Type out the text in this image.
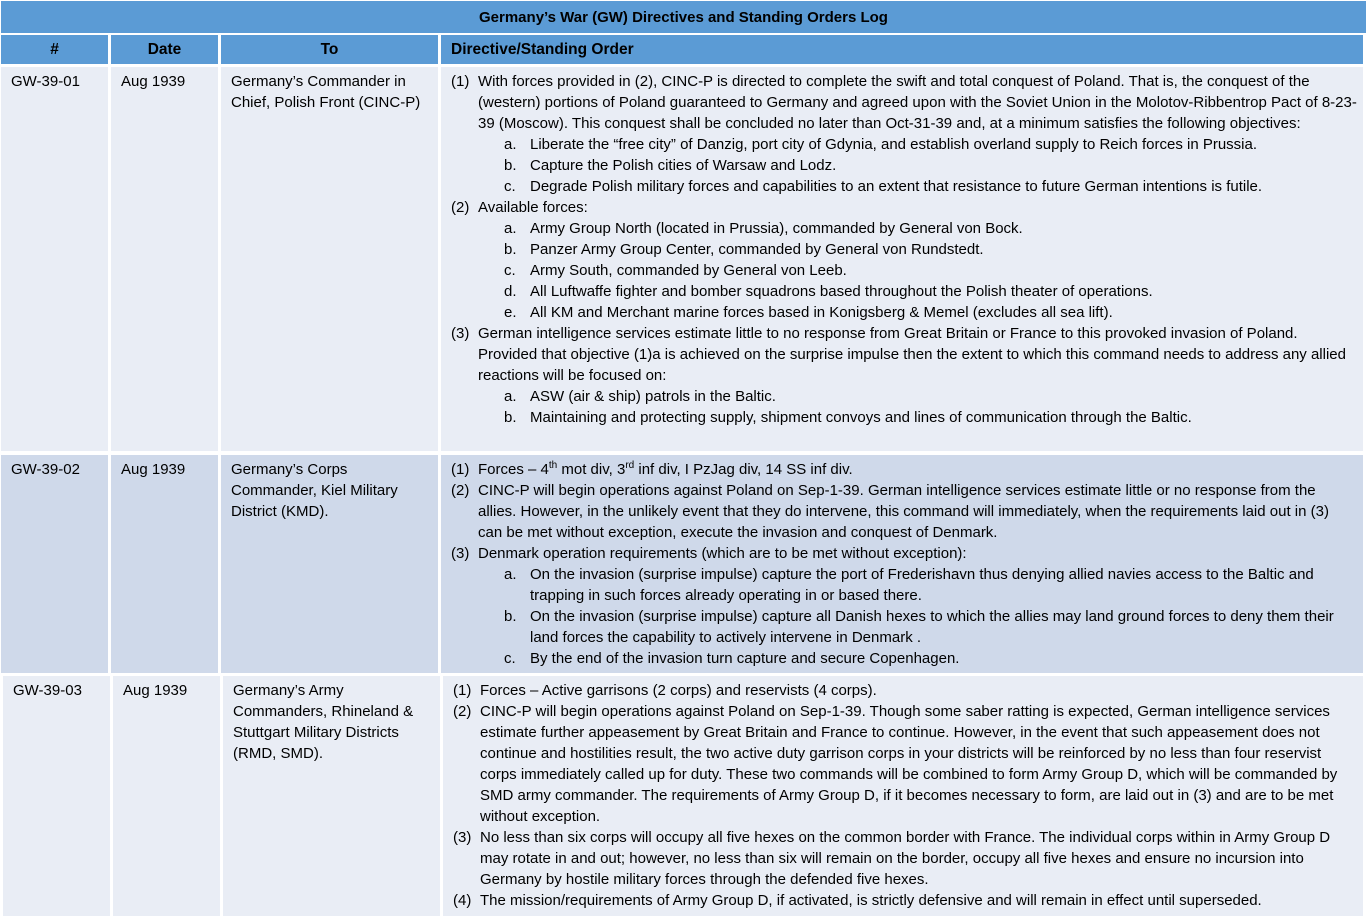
Germany’s War (GW) Directives and Standing Orders Log
#	Date	To	Directive/Standing Order
GW-39-01	Aug 1939	Germany’s Commander in Chief, Polish Front (CINC-P)
(1) With forces provided in (2), CINC-P is directed to complete the swift and total conquest of Poland. That is, the conquest of the (western) portions of Poland guaranteed to Germany and agreed upon with the Soviet Union in the Molotov-Ribbentrop Pact of 8-23-39 (Moscow). This conquest shall be concluded no later than Oct-31-39 and, at a minimum satisfies the following objectives:
a. Liberate the “free city” of Danzig, port city of Gdynia, and establish overland supply to Reich forces in Prussia.
b. Capture the Polish cities of Warsaw and Lodz.
c. Degrade Polish military forces and capabilities to an extent that resistance to future German intentions is futile.
(2) Available forces:
a. Army Group North (located in Prussia), commanded by General von Bock.
b. Panzer Army Group Center, commanded by General von Rundstedt.
c. Army South, commanded by General von Leeb.
d. All Luftwaffe fighter and bomber squadrons based throughout the Polish theater of operations.
e. All KM and Merchant marine forces based in Konigsberg & Memel (excludes all sea lift).
(3) German intelligence services estimate little to no response from Great Britain or France to this provoked invasion of Poland. Provided that objective (1)a is achieved on the surprise impulse then the extent to which this command needs to address any allied reactions will be focused on:
a. ASW (air & ship) patrols in the Baltic.
b. Maintaining and protecting supply, shipment convoys and lines of communication through the Baltic.
GW-39-02	Aug 1939	Germany’s Corps Commander, Kiel Military District (KMD).
(1) Forces – 4th mot div, 3rd inf div, I PzJag div, 14 SS inf div.
(2) CINC-P will begin operations against Poland on Sep-1-39. German intelligence services estimate little or no response from the allies. However, in the unlikely event that they do intervene, this command will immediately, when the requirements laid out in (3) can be met without exception, execute the invasion and conquest of Denmark.
(3) Denmark operation requirements (which are to be met without exception):
a. On the invasion (surprise impulse) capture the port of Frederishavn thus denying allied navies access to the Baltic and trapping in such forces already operating in or based there.
b. On the invasion (surprise impulse) capture all Danish hexes to which the allies may land ground forces to deny them their land forces the capability to actively intervene in Denmark .
c. By the end of the invasion turn capture and secure Copenhagen.
GW-39-03	Aug 1939	Germany’s Army Commanders, Rhineland & Stuttgart Military Districts (RMD, SMD).
(1) Forces – Active garrisons (2 corps) and reservists (4 corps).
(2) CINC-P will begin operations against Poland on Sep-1-39. Though some saber ratting is expected, German intelligence services estimate further appeasement by Great Britain and France to continue. However, in the event that such appeasement does not continue and hostilities result, the two active duty garrison corps in your districts will be reinforced by no less than four reservist corps immediately called up for duty. These two commands will be combined to form Army Group D, which will be commanded by SMD army commander. The requirements of Army Group D, if it becomes necessary to form, are laid out in (3) and are to be met without exception.
(3) No less than six corps will occupy all five hexes on the common border with France. The individual corps within in Army Group D may rotate in and out; however, no less than six will remain on the border, occupy all five hexes and ensure no incursion into Germany by hostile military forces through the defended five hexes.
(4) The mission/requirements of Army Group D, if activated, is strictly defensive and will remain in effect until superseded.
